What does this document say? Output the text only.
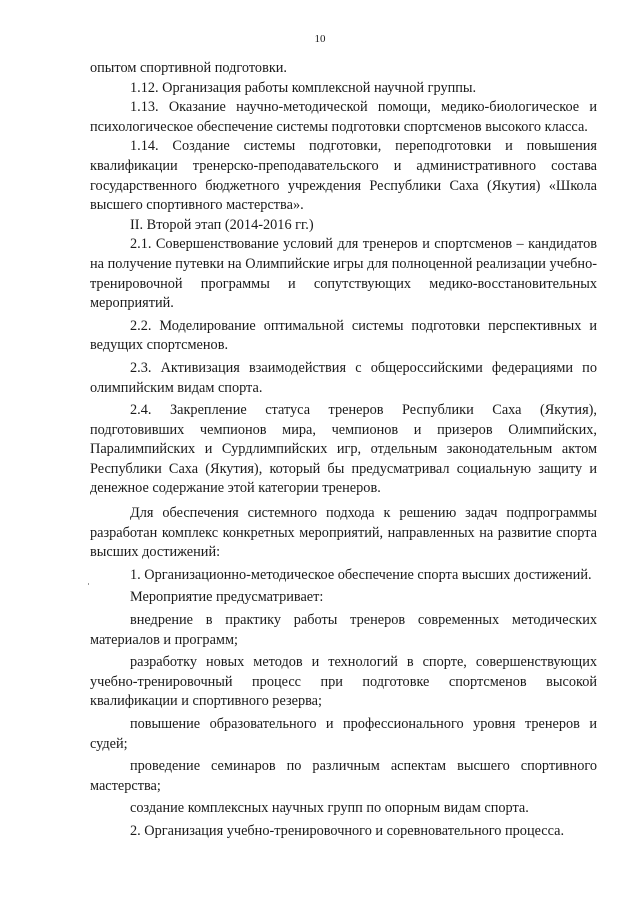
10

опытом спортивной подготовки.

1.12. Организация работы комплексной научной группы.

1.13. Оказание научно-методической помощи, медико-биологическое и психологическое обеспечение системы подготовки спортсменов высокого класса.

1.14. Создание системы подготовки, переподготовки и повышения квалификации тренерско-преподавательского и административного состава государственного бюджетного учреждения Республики Саха (Якутия) «Школа высшего спортивного мастерства».

II. Второй этап (2014-2016 гг.)

2.1. Совершенствование условий для тренеров и спортсменов – кандидатов на получение путевки на Олимпийские игры для полноценной реализации учебно-тренировочной программы и сопутствующих медико-восстановительных мероприятий.

2.2. Моделирование оптимальной системы подготовки перспективных и ведущих спортсменов.

2.3. Активизация взаимодействия с общероссийскими федерациями по олимпийским видам спорта.

2.4. Закрепление статуса тренеров Республики Саха (Якутия), подготовивших чемпионов мира, чемпионов и призеров Олимпийских, Паралимпийских и Сурдлимпийских игр, отдельным законодательным актом Республики Саха (Якутия), который бы предусматривал социальную защиту и денежное содержание этой категории тренеров.

Для обеспечения системного подхода к решению задач подпрограммы разработан комплекс конкретных мероприятий, направленных на развитие спорта высших достижений:

1. Организационно-методическое обеспечение спорта высших достижений.

Мероприятие предусматривает:

внедрение в практику работы тренеров современных методических материалов и программ;

разработку новых методов и технологий в спорте, совершенствующих учебно-тренировочный процесс при подготовке спортсменов высокой квалификации и спортивного резерва;

повышение образовательного и профессионального уровня тренеров и судей;

проведение семинаров по различным аспектам высшего спортивного мастерства;

создание комплексных научных групп по опорным видам спорта.

2. Организация учебно-тренировочного и соревновательного процесса.
